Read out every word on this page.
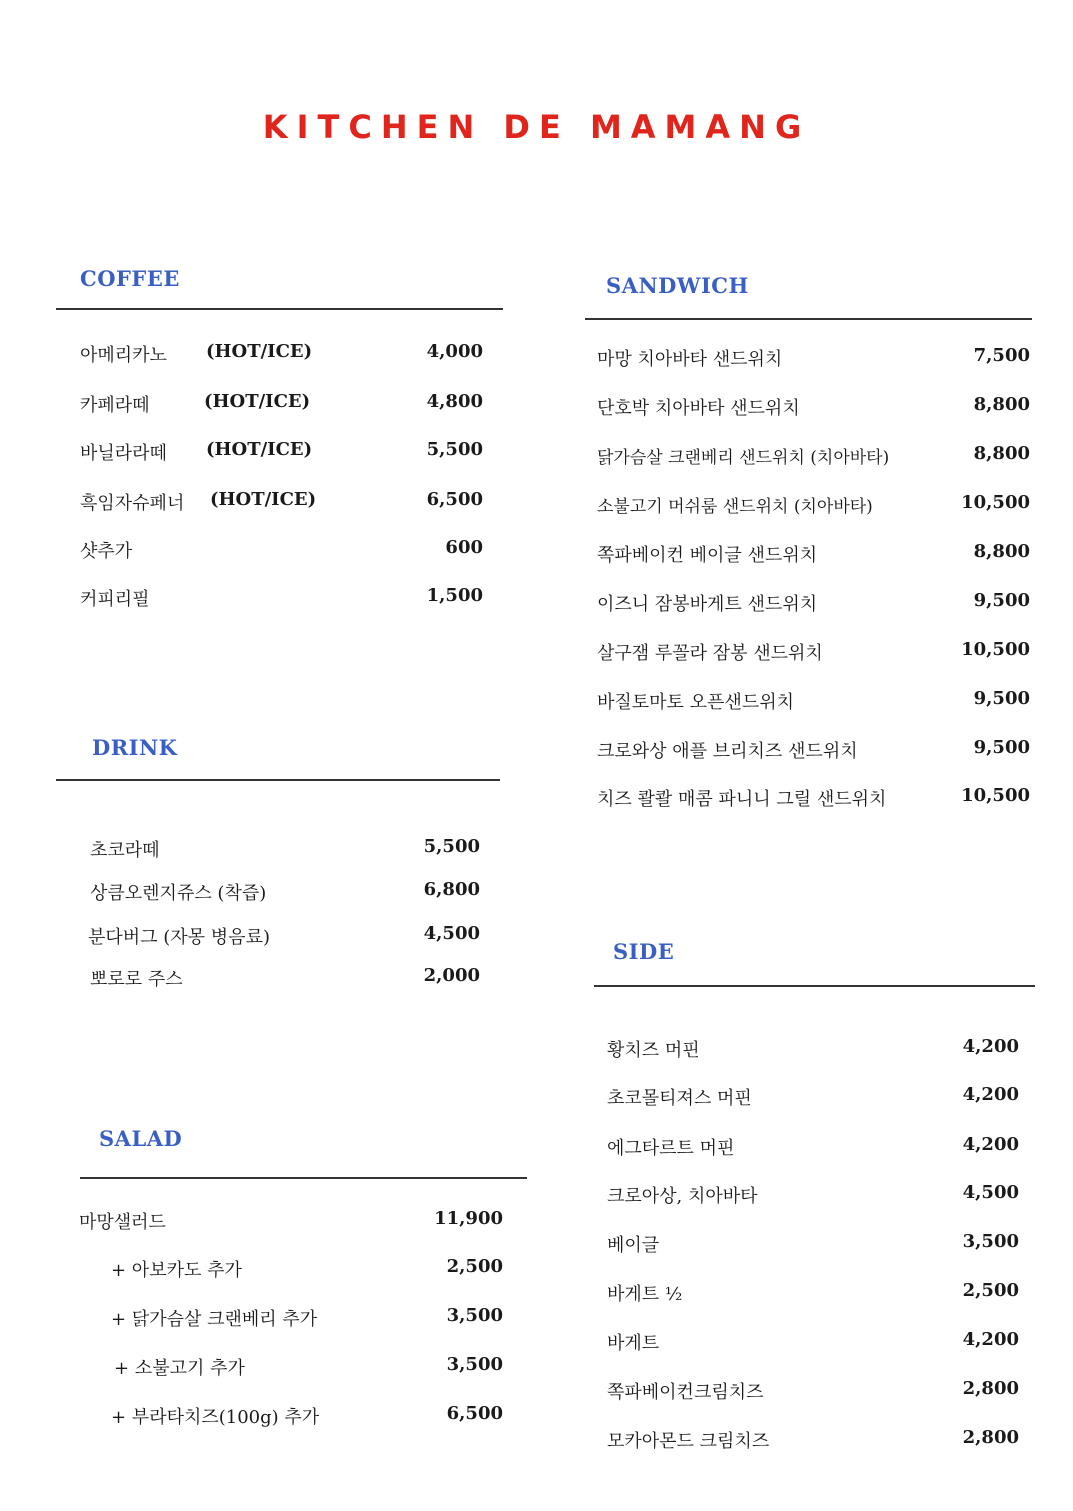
KITCHEN DE MAMANG
COFFEE
아메리카노 (HOT/ICE)	4,000
카페라떼	(HOT/ICE)	4,800
바닐라라떼 (HOT/ICE)	5,500
흑임자슈페너 (HOT/ICE)	6,500
샷추가	600
커피리필	1,500
DRINK
초코라떼	5,500
상큼오렌지쥬스 (착즙)	6,800
분다버그 (자몽 병음료)	4,500
뽀로로 주스	2,000
SALAD
마망샐러드	11,900
+ 아보카도 추가	2,500
+ 닭가슴살 크랜베리 추가	3,500
+ 소불고기 추가	3,500
+ 부라타치즈(100g) 추가	6,500
SANDWICH
마망 치아바타 샌드위치	7,500
단호박 치아바타 샌드위치	8,800
닭가슴살 크랜베리 샌드위치 (치아바타)	8,800
소불고기 머쉬룸 샌드위치 (치아바타)	10,500
쪽파베이컨 베이글 샌드위치	8,800
이즈니 잠봉바게트 샌드위치	9,500
살구잼 루꼴라 잠봉 샌드위치	10,500
바질토마토 오픈샌드위치	9,500
크로와상 애플 브리치즈 샌드위치	9,500
치즈 콸콸 매콤 파니니 그릴 샌드위치	10,500
SIDE
황치즈 머핀	4,200
초코몰티져스 머핀	4,200
에그타르트 머핀	4,200
크로아상, 치아바타	4,500
베이글	3,500
바게트 ½	2,500
바게트	4,200
쪽파베이컨크림치즈	2,800
모카아몬드 크림치즈	2,800
